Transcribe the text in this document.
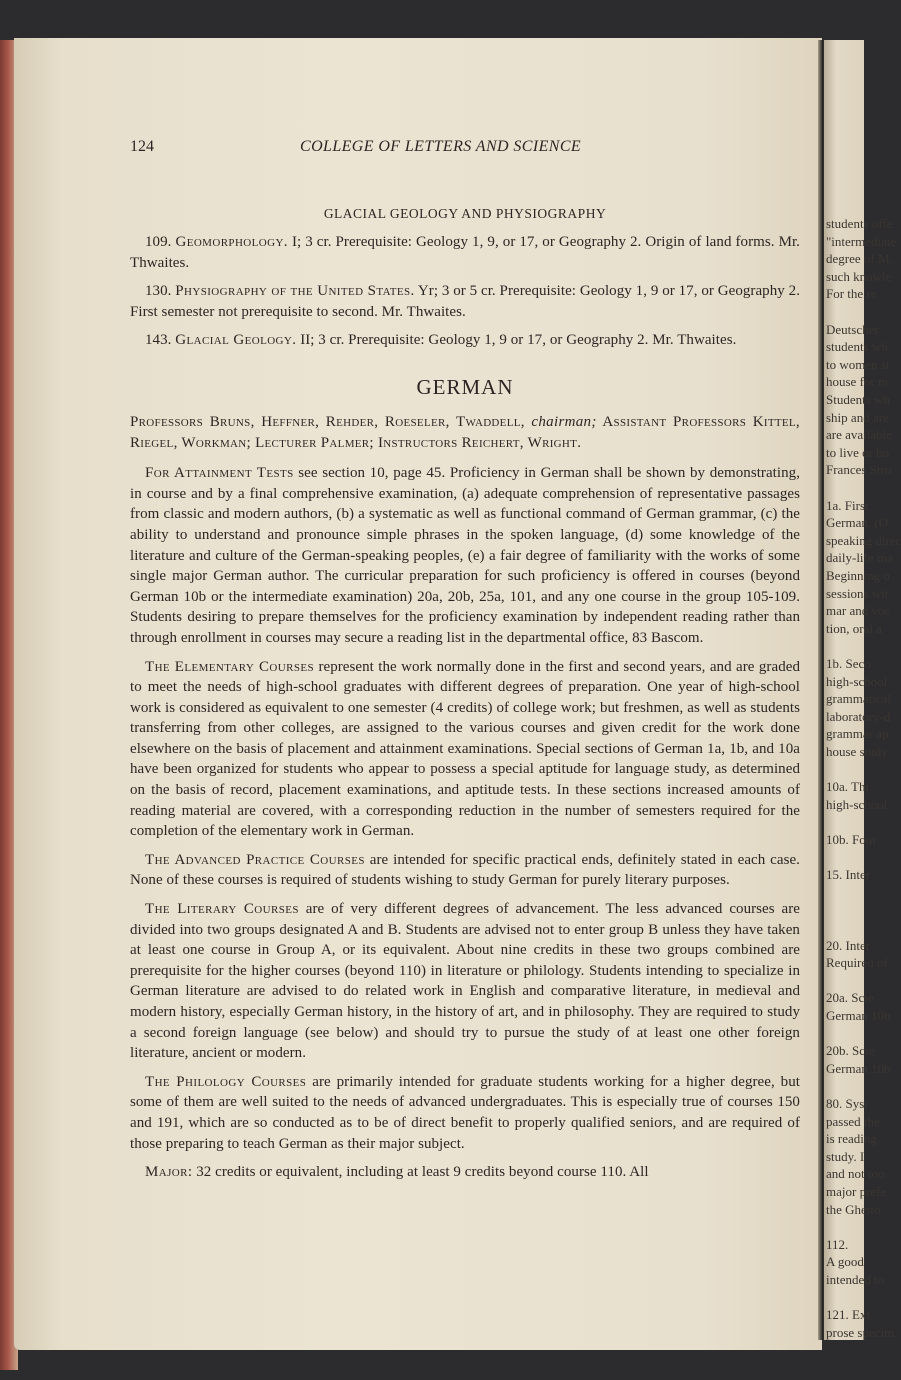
students offe
"intermediate
degree of M.
such knowle
For the re
Deutscher
students wh
to women st
house for m
Students wh
ship and are
are available
to live or bo
Frances Stro
1a. First
German. (O
speaking direc
daily-life ma
Beginning o
sessions wit
mar and voc
tion, oral a
1b. Seco
high-school
grammatical
laboratory-d
grammar ap
house study
10a. Thi
high-school
10b. Four
15. Inter
20. Inter
Required of
20a. Scie
German 10b
20b. Scie
German 10b
80. Syst
passed the
is reading
study. I
and not too
major prefe
the Ghetto
112.
A good
intended to
121. Ext
prose specim
124	COLLEGE OF LETTERS AND SCIENCE
GLACIAL GEOLOGY AND PHYSIOGRAPHY

109. Geomorphology. I; 3 cr. Prerequisite: Geology 1, 9, or 17, or Geography 2. Origin of land forms. Mr. Thwaites.

130. Physiography of the United States. Yr; 3 or 5 cr. Prerequisite: Geology 1, 9 or 17, or Geography 2. First semester not prerequisite to second. Mr. Thwaites.

143. Glacial Geology. II; 3 cr. Prerequisite: Geology 1, 9 or 17, or Geography 2. Mr. Thwaites.

GERMAN

Professors Bruns, Heffner, Rehder, Roeseler, Twaddell, chairman; Assistant Professors Kittel, Riegel, Workman; Lecturer Palmer; Instructors Reichert, Wright.

For Attainment Tests see section 10, page 45. Proficiency in German shall be shown by demonstrating, in course and by a final comprehensive examination, (a) adequate comprehension of representative passages from classic and modern authors, (b) a systematic as well as functional command of German grammar, (c) the ability to understand and pronounce simple phrases in the spoken language, (d) some knowledge of the literature and culture of the German-speaking peoples, (e) a fair degree of familiarity with the works of some single major German author. The curricular preparation for such proficiency is offered in courses (beyond German 10b or the intermediate examination) 20a, 20b, 25a, 101, and any one course in the group 105-109. Students desiring to prepare themselves for the proficiency examination by independent reading rather than through enrollment in courses may secure a reading list in the departmental office, 83 Bascom.

The Elementary Courses represent the work normally done in the first and second years, and are graded to meet the needs of high-school graduates with different degrees of preparation. One year of high-school work is considered as equivalent to one semester (4 credits) of college work; but freshmen, as well as students transferring from other colleges, are assigned to the various courses and given credit for the work done elsewhere on the basis of placement and attainment examinations. Special sections of German 1a, 1b, and 10a have been organized for students who appear to possess a special aptitude for language study, as determined on the basis of record, placement examinations, and aptitude tests. In these sections increased amounts of reading material are covered, with a corresponding reduction in the number of semesters required for the completion of the elementary work in German.

The Advanced Practice Courses are intended for specific practical ends, definitely stated in each case. None of these courses is required of students wishing to study German for purely literary purposes.

The Literary Courses are of very different degrees of advancement. The less advanced courses are divided into two groups designated A and B. Students are advised not to enter group B unless they have taken at least one course in Group A, or its equivalent. About nine credits in these two groups combined are prerequisite for the higher courses (beyond 110) in literature or philology. Students intending to specialize in German literature are advised to do related work in English and comparative literature, in medieval and modern history, especially German history, in the history of art, and in philosophy. They are required to study a second foreign language (see below) and should try to pursue the study of at least one other foreign literature, ancient or modern.

The Philology Courses are primarily intended for graduate students working for a higher degree, but some of them are well suited to the needs of advanced undergraduates. This is especially true of courses 150 and 191, which are so conducted as to be of direct benefit to properly qualified seniors, and are required of those preparing to teach German as their major subject.

Major: 32 credits or equivalent, including at least 9 credits beyond course 110. All
